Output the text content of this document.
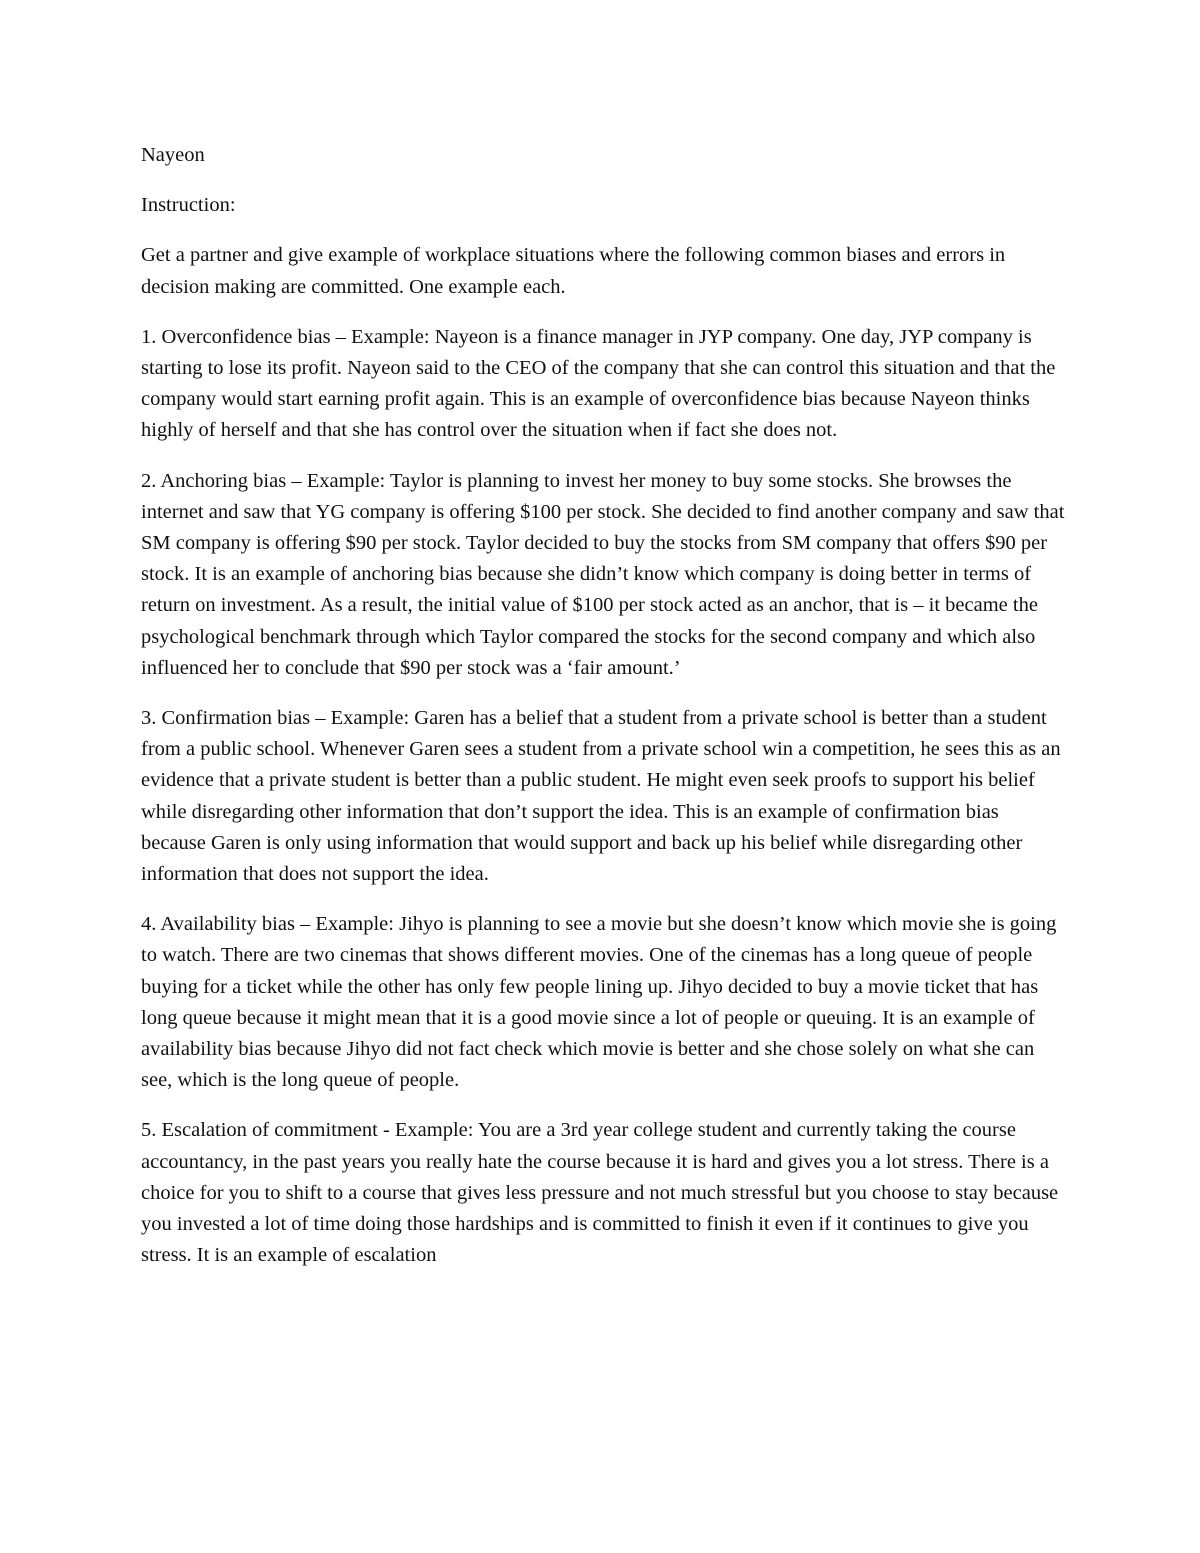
Nayeon

Instruction:

Get a partner and give example of workplace situations where the following common biases and errors in decision making are committed. One example each.

1. Overconfidence bias – Example: Nayeon is a finance manager in JYP company. One day, JYP company is starting to lose its profit. Nayeon said to the CEO of the company that she can control this situation and that the company would start earning profit again. This is an example of overconfidence bias because Nayeon thinks highly of herself and that she has control over the situation when if fact she does not.

2. Anchoring bias – Example: Taylor is planning to invest her money to buy some stocks. She browses the internet and saw that YG company is offering $100 per stock. She decided to find another company and saw that SM company is offering $90 per stock. Taylor decided to buy the stocks from SM company that offers $90 per stock. It is an example of anchoring bias because she didn’t know which company is doing better in terms of return on investment. As a result, the initial value of $100 per stock acted as an anchor, that is – it became the psychological benchmark through which Taylor compared the stocks for the second company and which also influenced her to conclude that $90 per stock was a ‘fair amount.’

3. Confirmation bias – Example: Garen has a belief that a student from a private school is better than a student from a public school. Whenever Garen sees a student from a private school win a competition, he sees this as an evidence that a private student is better than a public student. He might even seek proofs to support his belief while disregarding other information that don’t support the idea. This is an example of confirmation bias because Garen is only using information that would support and back up his belief while disregarding other information that does not support the idea.

4. Availability bias – Example: Jihyo is planning to see a movie but she doesn’t know which movie she is going to watch. There are two cinemas that shows different movies. One of the cinemas has a long queue of people buying for a ticket while the other has only few people lining up. Jihyo decided to buy a movie ticket that has long queue because it might mean that it is a good movie since a lot of people or queuing. It is an example of availability bias because Jihyo did not fact check which movie is better and she chose solely on what she can see, which is the long queue of people.

5. Escalation of commitment - Example: You are a 3rd year college student and currently taking the course accountancy, in the past years you really hate the course because it is hard and gives you a lot stress. There is a choice for you to shift to a course that gives less pressure and not much stressful but you choose to stay because you invested a lot of time doing those hardships and is committed to finish it even if it continues to give you stress. It is an example of escalation
